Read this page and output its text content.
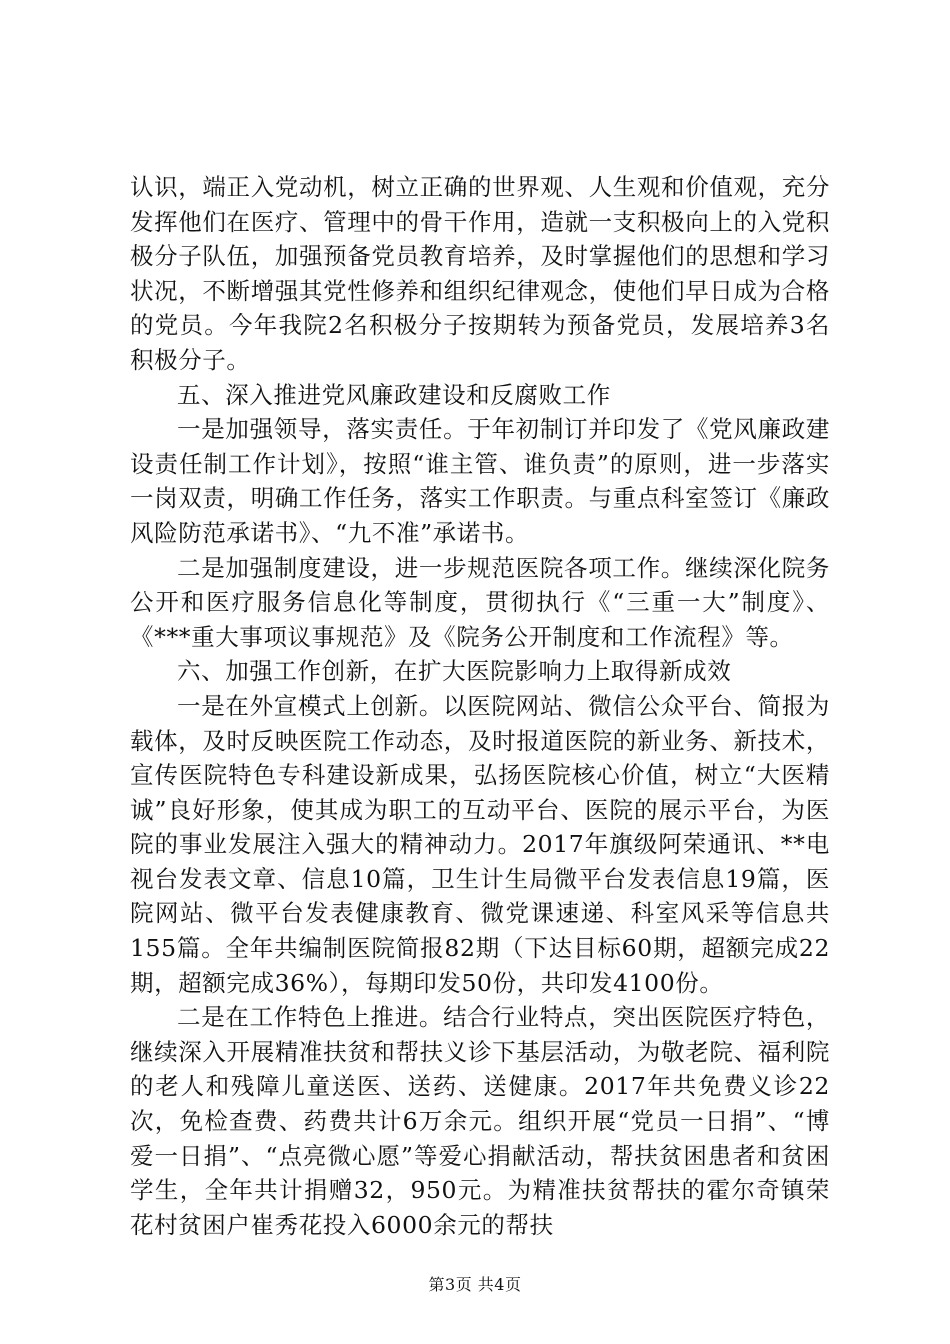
认识，端正入党动机，树立正确的世界观、人生观和价值观，充分发挥他们在医疗、管理中的骨干作用，造就一支积极向上的入党积极分子队伍，加强预备党员教育培养，及时掌握他们的思想和学习状况，不断增强其党性修养和组织纪律观念，使他们早日成为合格的党员。今年我院2名积极分子按期转为预备党员，发展培养3名积极分子。

五、深入推进党风廉政建设和反腐败工作

一是加强领导，落实责任。于年初制订并印发了《党风廉政建设责任制工作计划》，按照“谁主管、谁负责”的原则，进一步落实一岗双责，明确工作任务，落实工作职责。与重点科室签订《廉政风险防范承诺书》、“九不准”承诺书。

二是加强制度建设，进一步规范医院各项工作。继续深化院务公开和医疗服务信息化等制度，贯彻执行《“三重一大”制度》、《***重大事项议事规范》及《院务公开制度和工作流程》等。

六、加强工作创新，在扩大医院影响力上取得新成效

一是在外宣模式上创新。以医院网站、微信公众平台、简报为载体，及时反映医院工作动态，及时报道医院的新业务、新技术，宣传医院特色专科建设新成果，弘扬医院核心价值，树立“大医精诚”良好形象，使其成为职工的互动平台、医院的展示平台，为医院的事业发展注入强大的精神动力。2017年旗级阿荣通讯、**电视台发表文章、信息10篇，卫生计生局微平台发表信息19篇，医院网站、微平台发表健康教育、微党课速递、科室风采等信息共155篇。全年共编制医院简报82期（下达目标60期，超额完成22期，超额完成36%），每期印发50份，共印发4100份。

二是在工作特色上推进。结合行业特点，突出医院医疗特色，继续深入开展精准扶贫和帮扶义诊下基层活动，为敬老院、福利院的老人和残障儿童送医、送药、送健康。2017年共免费义诊22次，免检查费、药费共计6万余元。组织开展“党员一日捐”、“博爱一日捐”、“点亮微心愿”等爱心捐献活动，帮扶贫困患者和贫困学生，全年共计捐赠32，950元。为精准扶贫帮扶的霍尔奇镇荣花村贫困户崔秀花投入6000余元的帮扶

第3页 共4页
